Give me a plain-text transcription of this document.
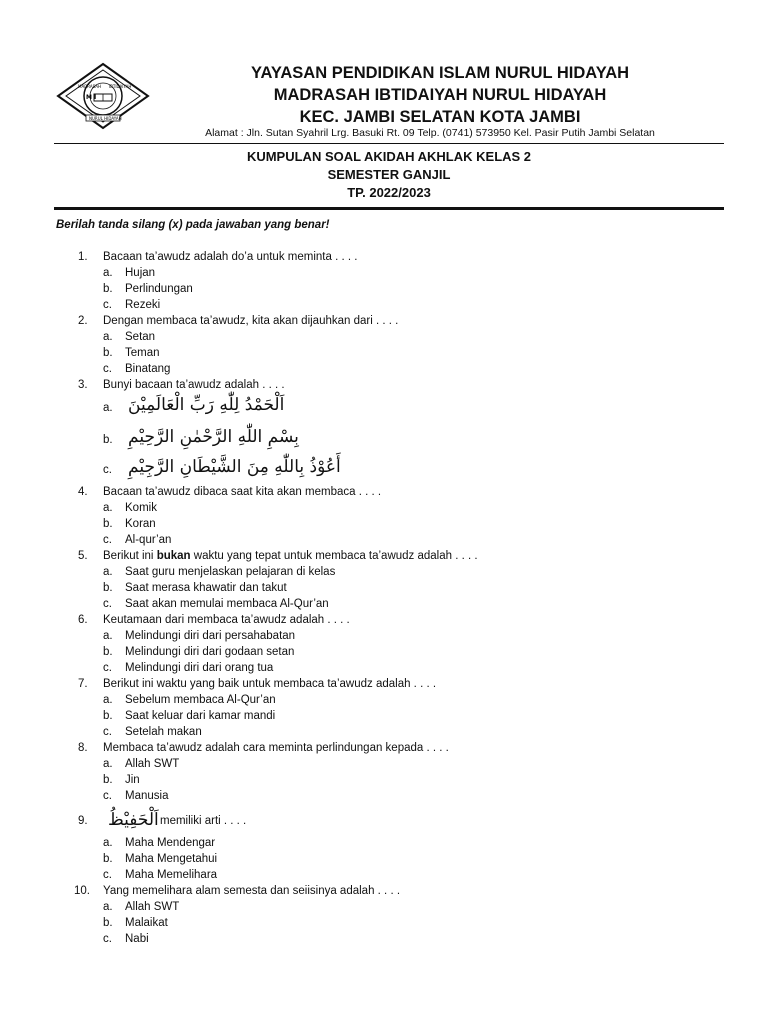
M I
MADRASAH IBTIDAIYAH
NURUL HIDAYAH
YAYASAN PENDIDIKAN ISLAM NURUL HIDAYAH
MADRASAH IBTIDAIYAH NURUL HIDAYAH
KEC. JAMBI SELATAN KOTA JAMBI
Alamat : Jln. Sutan Syahril Lrg. Basuki Rt. 09 Telp. (0741) 573950 Kel. Pasir Putih Jambi Selatan
KUMPULAN SOAL AKIDAH AKHLAK KELAS 2
SEMESTER GANJIL
TP. 2022/2023
Berilah tanda silang (x) pada jawaban yang benar!
1. Bacaan ta’awudz adalah do’a untuk meminta . . . .
a. Hujan
b. Perlindungan
c. Rezeki
2. Dengan membaca ta’awudz, kita akan dijauhkan dari . . . .
a. Setan
b. Teman
c. Binatang
3. Bunyi bacaan ta’awudz adalah . . . .
a. اَلْحَمْدُ لِلّٰهِ رَبِّ الْعَالَمِيْنَ
b. بِسْمِ اللّٰهِ الرَّحْمٰنِ الرَّحِيْمِ
c. أَعُوْذُ بِاللّٰهِ مِنَ الشَّيْطَانِ الرَّجِيْمِ
4. Bacaan ta’awudz dibaca saat kita akan membaca . . . .
a. Komik
b. Koran
c. Al-qur’an
5. Berikut ini bukan waktu yang tepat untuk membaca ta’awudz adalah . . . .
a. Saat guru menjelaskan pelajaran di kelas
b. Saat merasa khawatir dan takut
c. Saat akan memulai membaca Al-Qur’an
6. Keutamaan dari membaca ta’awudz adalah . . . .
a. Melindungi diri dari persahabatan
b. Melindungi diri dari godaan setan
c. Melindungi diri dari orang tua
7. Berikut ini waktu yang baik untuk membaca ta’awudz adalah . . . .
a. Sebelum membaca Al-Qur’an
b. Saat keluar dari kamar mandi
c. Setelah makan
8. Membaca ta’awudz adalah cara meminta perlindungan kepada . . . .
a. Allah SWT
b. Jin
c. Manusia
9. اَلْحَفِيْظُ memiliki arti . . . .
a. Maha Mendengar
b. Maha Mengetahui
c. Maha Memelihara
10. Yang memelihara alam semesta dan seiisinya adalah . . . .
a. Allah SWT
b. Malaikat
c. Nabi
